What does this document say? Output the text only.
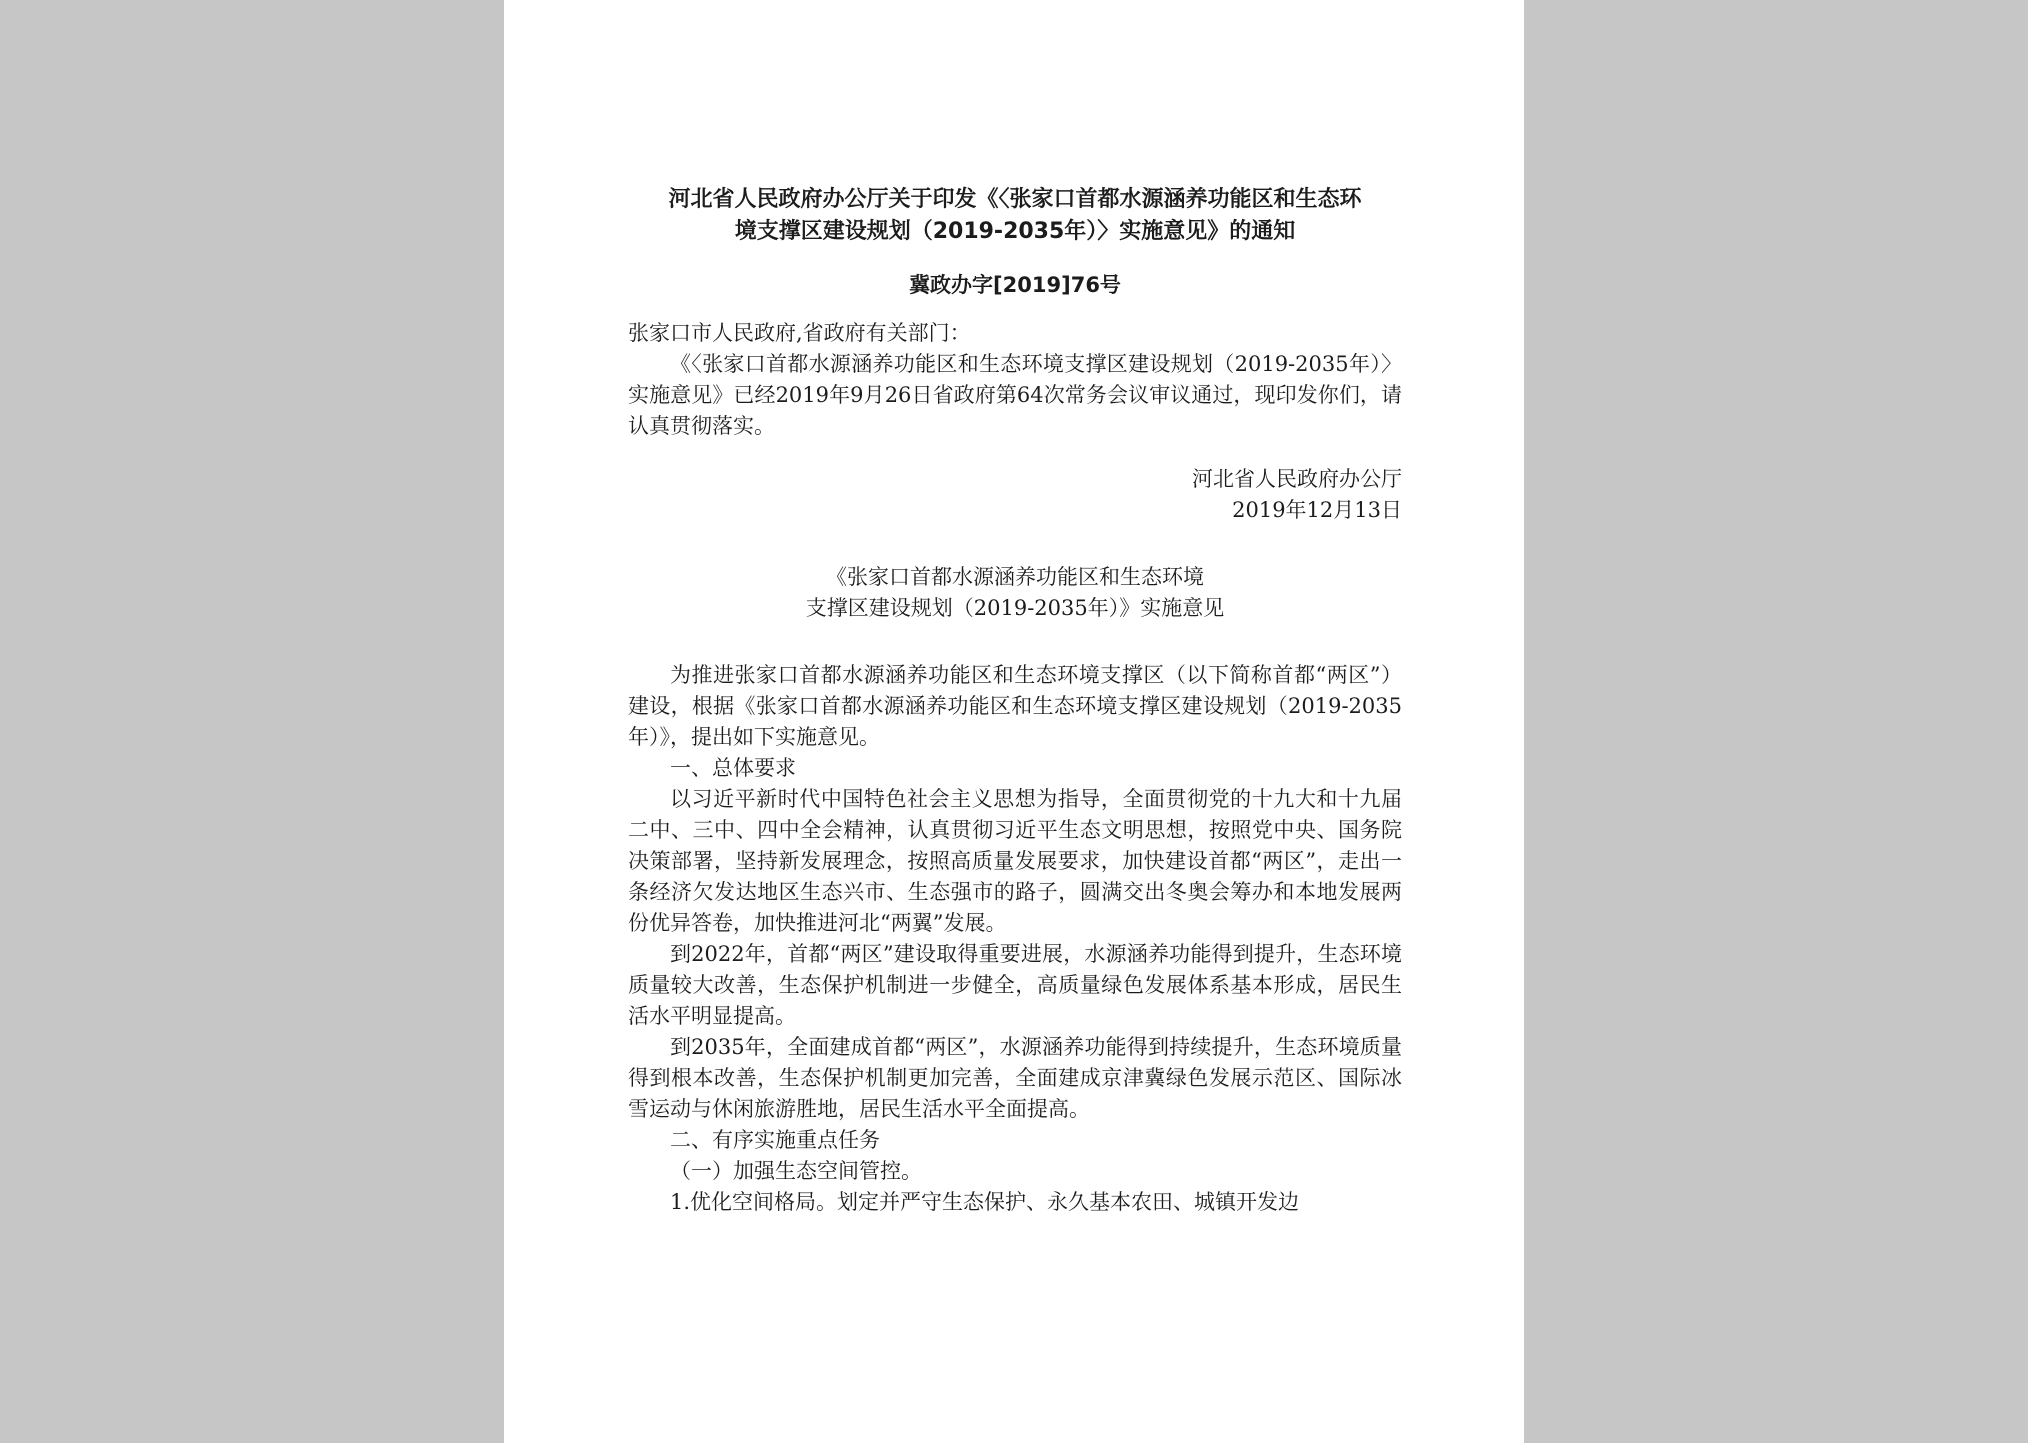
河北省人民政府办公厅关于印发《〈张家口首都水源涵养功能区和生态环
境支撑区建设规划（2019-2035年）〉实施意见》的通知
冀政办字[2019]76号

张家口市人民政府,省政府有关部门：

《〈张家口首都水源涵养功能区和生态环境支撑区建设规划（2019-2035年）〉实施意见》已经2019年9月26日省政府第64次常务会议审议通过，现印发你们，请认真贯彻落实。

河北省人民政府办公厅

2019年12月13日

《张家口首都水源涵养功能区和生态环境
支撑区建设规划（2019-2035年）》实施意见

为推进张家口首都水源涵养功能区和生态环境支撑区（以下简称首都“两区”）建设，根据《张家口首都水源涵养功能区和生态环境支撑区建设规划（2019-2035年）》，提出如下实施意见。

一、总体要求

以习近平新时代中国特色社会主义思想为指导，全面贯彻党的十九大和十九届二中、三中、四中全会精神，认真贯彻习近平生态文明思想，按照党中央、国务院决策部署，坚持新发展理念，按照高质量发展要求，加快建设首都“两区”，走出一条经济欠发达地区生态兴市、生态强市的路子，圆满交出冬奥会筹办和本地发展两份优异答卷，加快推进河北“两翼”发展。

到2022年，首都“两区”建设取得重要进展，水源涵养功能得到提升，生态环境质量较大改善，生态保护机制进一步健全，高质量绿色发展体系基本形成，居民生活水平明显提高。

到2035年，全面建成首都“两区”，水源涵养功能得到持续提升，生态环境质量得到根本改善，生态保护机制更加完善，全面建成京津冀绿色发展示范区、国际冰雪运动与休闲旅游胜地，居民生活水平全面提高。

二、有序实施重点任务

（一）加强生态空间管控。

1.优化空间格局。划定并严守生态保护、永久基本农田、城镇开发边
